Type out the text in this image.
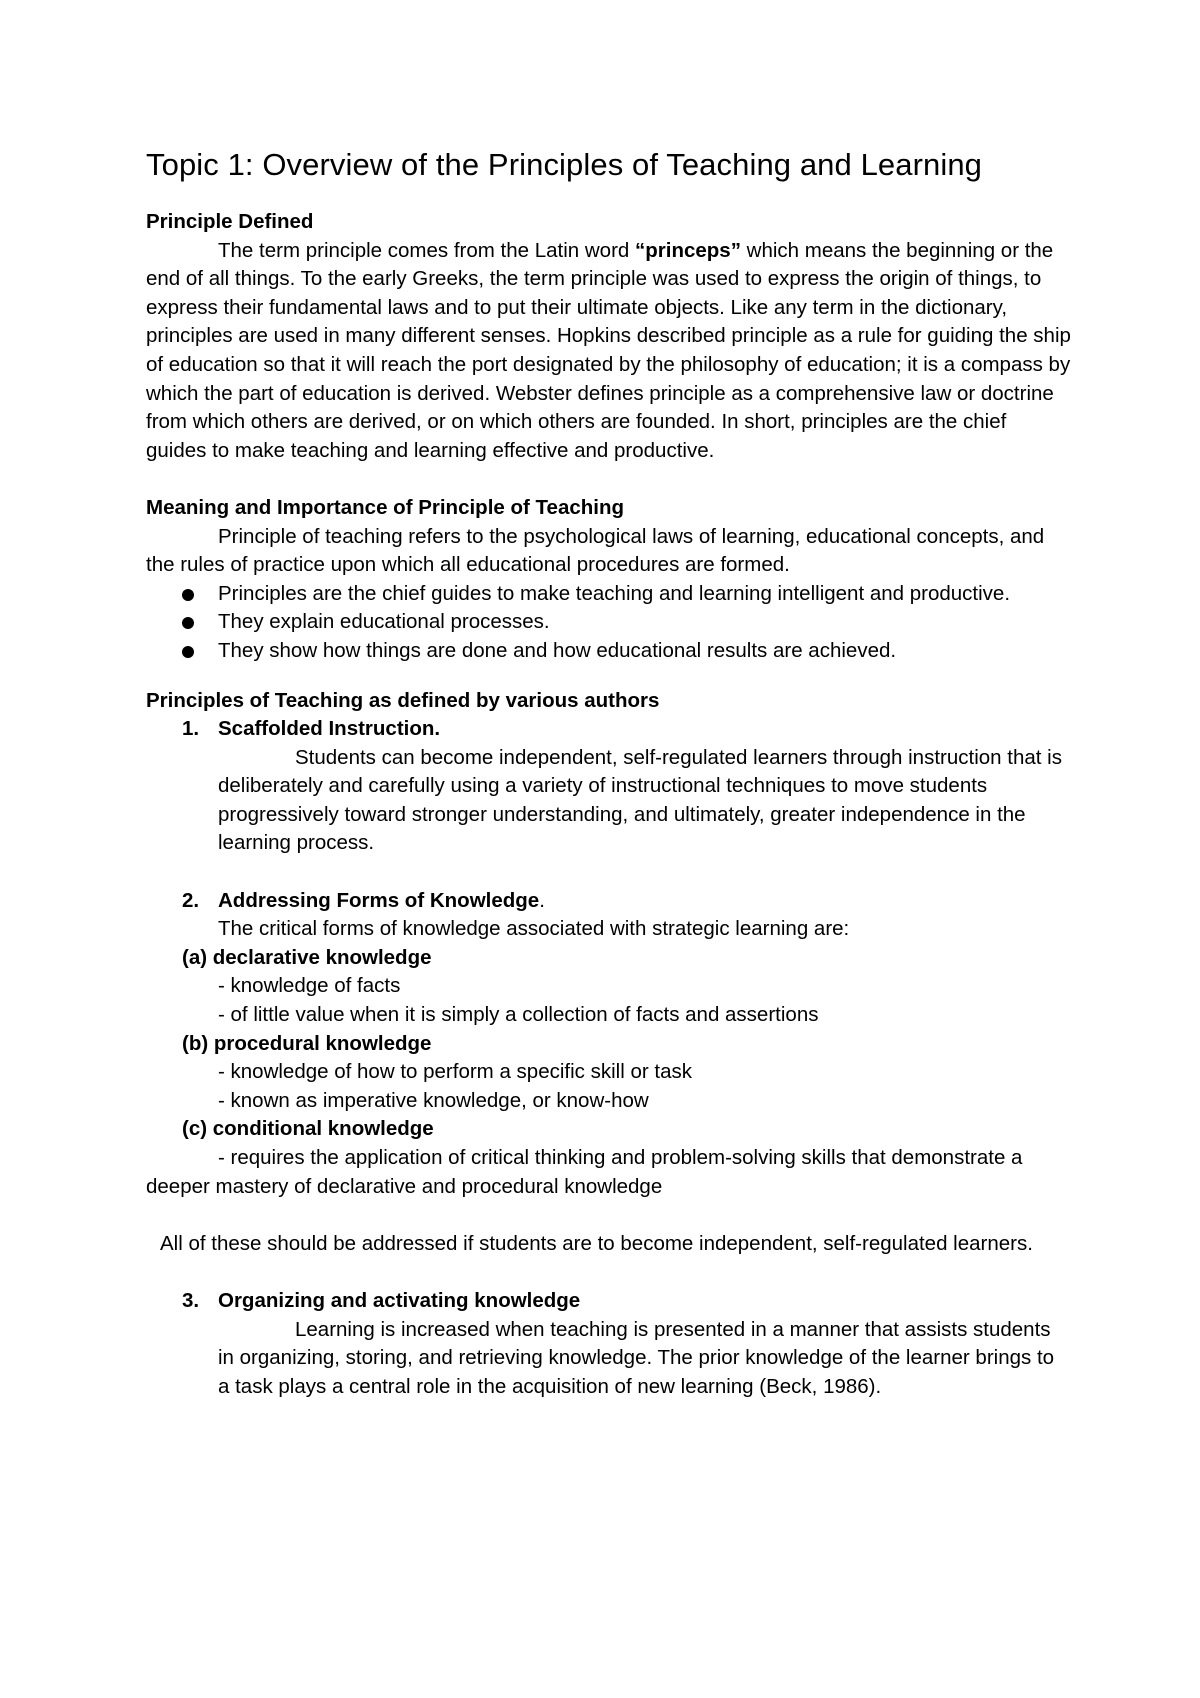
Topic 1: Overview of the Principles of Teaching and Learning
Principle Defined

The term principle comes from the Latin word “princeps” which means the beginning or the end of all things. To the early Greeks, the term principle was used to express the origin of things, to express their fundamental laws and to put their ultimate objects. Like any term in the dictionary, principles are used in many different senses. Hopkins described principle as a rule for guiding the ship of education so that it will reach the port designated by the philosophy of education; it is a compass by which the part of education is derived. Webster defines principle as a comprehensive law or doctrine from which others are derived, or on which others are founded. In short, principles are the chief guides to make teaching and learning effective and productive.

Meaning and Importance of Principle of Teaching

Principle of teaching refers to the psychological laws of learning, educational concepts, and the rules of practice upon which all educational procedures are formed.

Principles are the chief guides to make teaching and learning intelligent and productive.
They explain educational processes.
They show how things are done and how educational results are achieved.
Principles of Teaching as defined by various authors
1. Scaffolded Instruction.

Students can become independent, self-regulated learners through instruction that is deliberately and carefully using a variety of instructional techniques to move students progressively toward stronger understanding, and ultimately, greater independence in the learning process.

2. Addressing Forms of Knowledge.

The critical forms of knowledge associated with strategic learning are:

(a) declarative knowledge

- knowledge of facts

- of little value when it is simply a collection of facts and assertions

(b) procedural knowledge

- knowledge of how to perform a specific skill or task

- known as imperative knowledge, or know-how

(c) conditional knowledge

- requires the application of critical thinking and problem-solving skills that demonstrate a deeper mastery of declarative and procedural knowledge

All of these should be addressed if students are to become independent, self-regulated learners.

3. Organizing and activating knowledge

Learning is increased when teaching is presented in a manner that assists students in organizing, storing, and retrieving knowledge. The prior knowledge of the learner brings to a task plays a central role in the acquisition of new learning (Beck, 1986).
